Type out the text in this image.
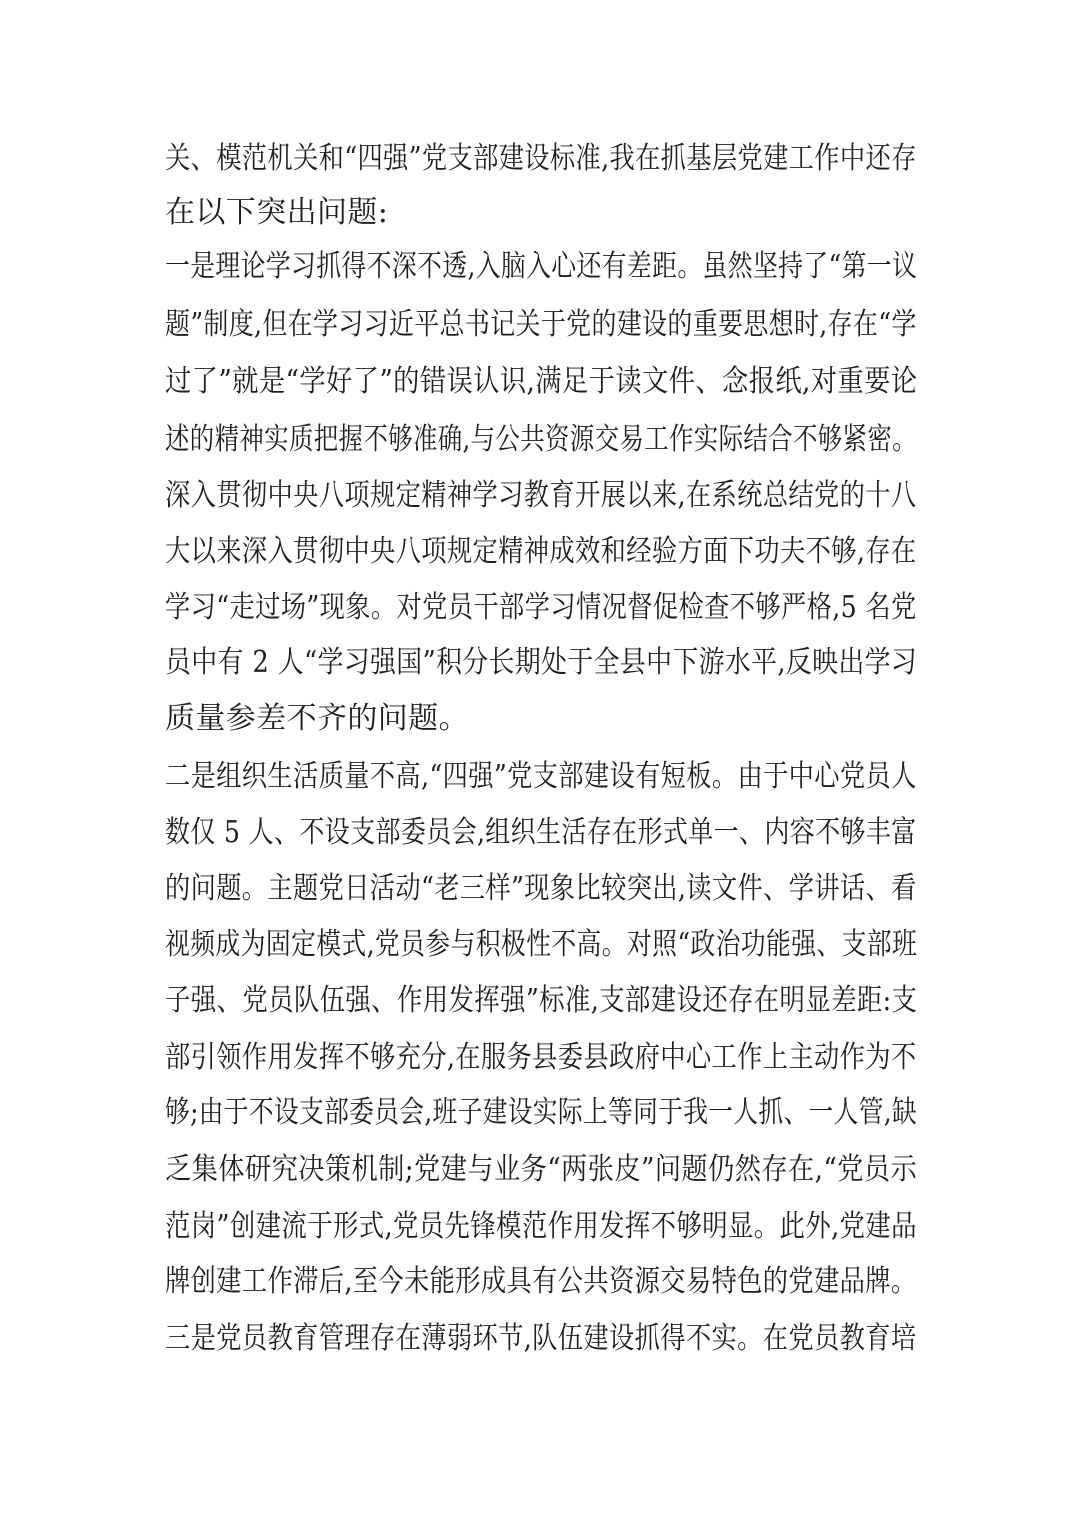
关、模范机关和“四强”党支部建设标准,我在抓基层党建工作中还存

在以下突出问题:

一是理论学习抓得不深不透,入脑入心还有差距。虽然坚持了“第一议

题”制度,但在学习习近平总书记关于党的建设的重要思想时,存在“学

过了”就是“学好了”的错误认识,满足于读文件、念报纸,对重要论

述的精神实质把握不够准确,与公共资源交易工作实际结合不够紧密。

深入贯彻中央八项规定精神学习教育开展以来,在系统总结党的十八

大以来深入贯彻中央八项规定精神成效和经验方面下功夫不够,存在

学习“走过场”现象。对党员干部学习情况督促检查不够严格,5 名党

员中有 2 人“学习强国”积分长期处于全县中下游水平,反映出学习

质量参差不齐的问题。

二是组织生活质量不高,“四强”党支部建设有短板。由于中心党员人

数仅 5 人、不设支部委员会,组织生活存在形式单一、内容不够丰富

的问题。主题党日活动“老三样”现象比较突出,读文件、学讲话、看

视频成为固定模式,党员参与积极性不高。对照“政治功能强、支部班

子强、党员队伍强、作用发挥强”标准,支部建设还存在明显差距:支

部引领作用发挥不够充分,在服务县委县政府中心工作上主动作为不

够;由于不设支部委员会,班子建设实际上等同于我一人抓、一人管,缺

乏集体研究决策机制;党建与业务“两张皮”问题仍然存在,“党员示

范岗”创建流于形式,党员先锋模范作用发挥不够明显。此外,党建品

牌创建工作滞后,至今未能形成具有公共资源交易特色的党建品牌。

三是党员教育管理存在薄弱环节,队伍建设抓得不实。在党员教育培
